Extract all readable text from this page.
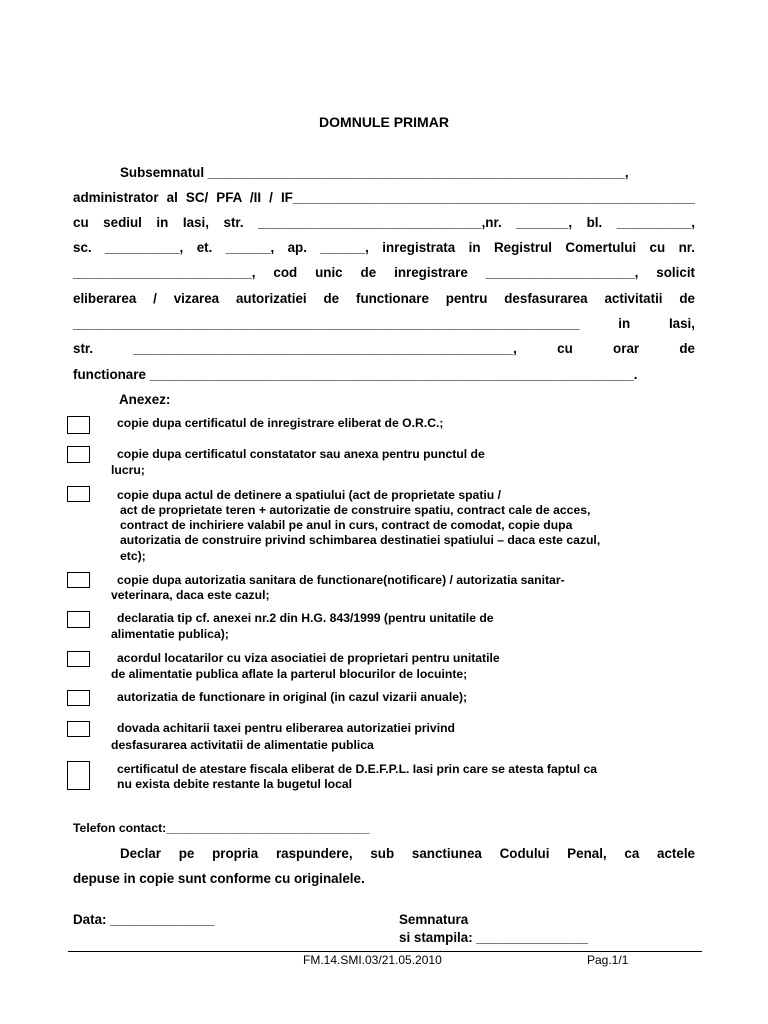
DOMNULE PRIMAR
Subsemnatul ________________________________________________________,
administrator al SC/ PFA /II / IF______________________________________________________
cu sediul in Iasi, str. ______________________________,nr. _______, bl. __________,
sc. __________, et. ______, ap. ______, inregistrata in Registrul Comertului cu nr.
________________________, cod unic de inregistrare ____________________, solicit
eliberarea / vizarea autorizatiei de functionare pentru desfasurarea activitatii de
____________________________________________________________________ in Iasi,
str. ___________________________________________________, cu orar de
functionare _________________________________________________________________.
Anexez:
copie dupa certificatul de inregistrare eliberat de O.R.C.;
copie dupa certificatul constatator sau anexa pentru punctul de
lucru;
copie dupa actul de detinere a spatiului (act de proprietate spatiu /
act de proprietate teren + autorizatie de construire spatiu, contract cale de acces,
contract de inchiriere valabil pe anul in curs, contract de comodat, copie dupa
autorizatia de construire privind schimbarea destinatiei spatiului – daca este cazul,
etc);
copie dupa autorizatia sanitara de functionare(notificare) / autorizatia sanitar-
veterinara, daca este cazul;
declaratia tip cf. anexei nr.2 din H.G. 843/1999 (pentru unitatile de
alimentatie publica);
acordul locatarilor cu viza asociatiei de proprietari pentru unitatile
de alimentatie publica aflate la parterul blocurilor de locuinte;
autorizatia de functionare in original (in cazul vizarii anuale);
dovada achitarii taxei pentru eliberarea autorizatiei privind
desfasurarea activitatii de alimentatie publica
certificatul de atestare fiscala eliberat de D.E.F.P.L. Iasi prin care se atesta faptul ca
nu exista debite restante la bugetul local
Telefon contact:______________________________
Declar pe propria raspundere, sub sanctiunea Codului Penal, ca actele
depuse in copie sunt conforme cu originalele.
Data: ______________	Semnatura
si stampila: _______________
FM.14.SMI.03/21.05.2010	Pag.1/1
